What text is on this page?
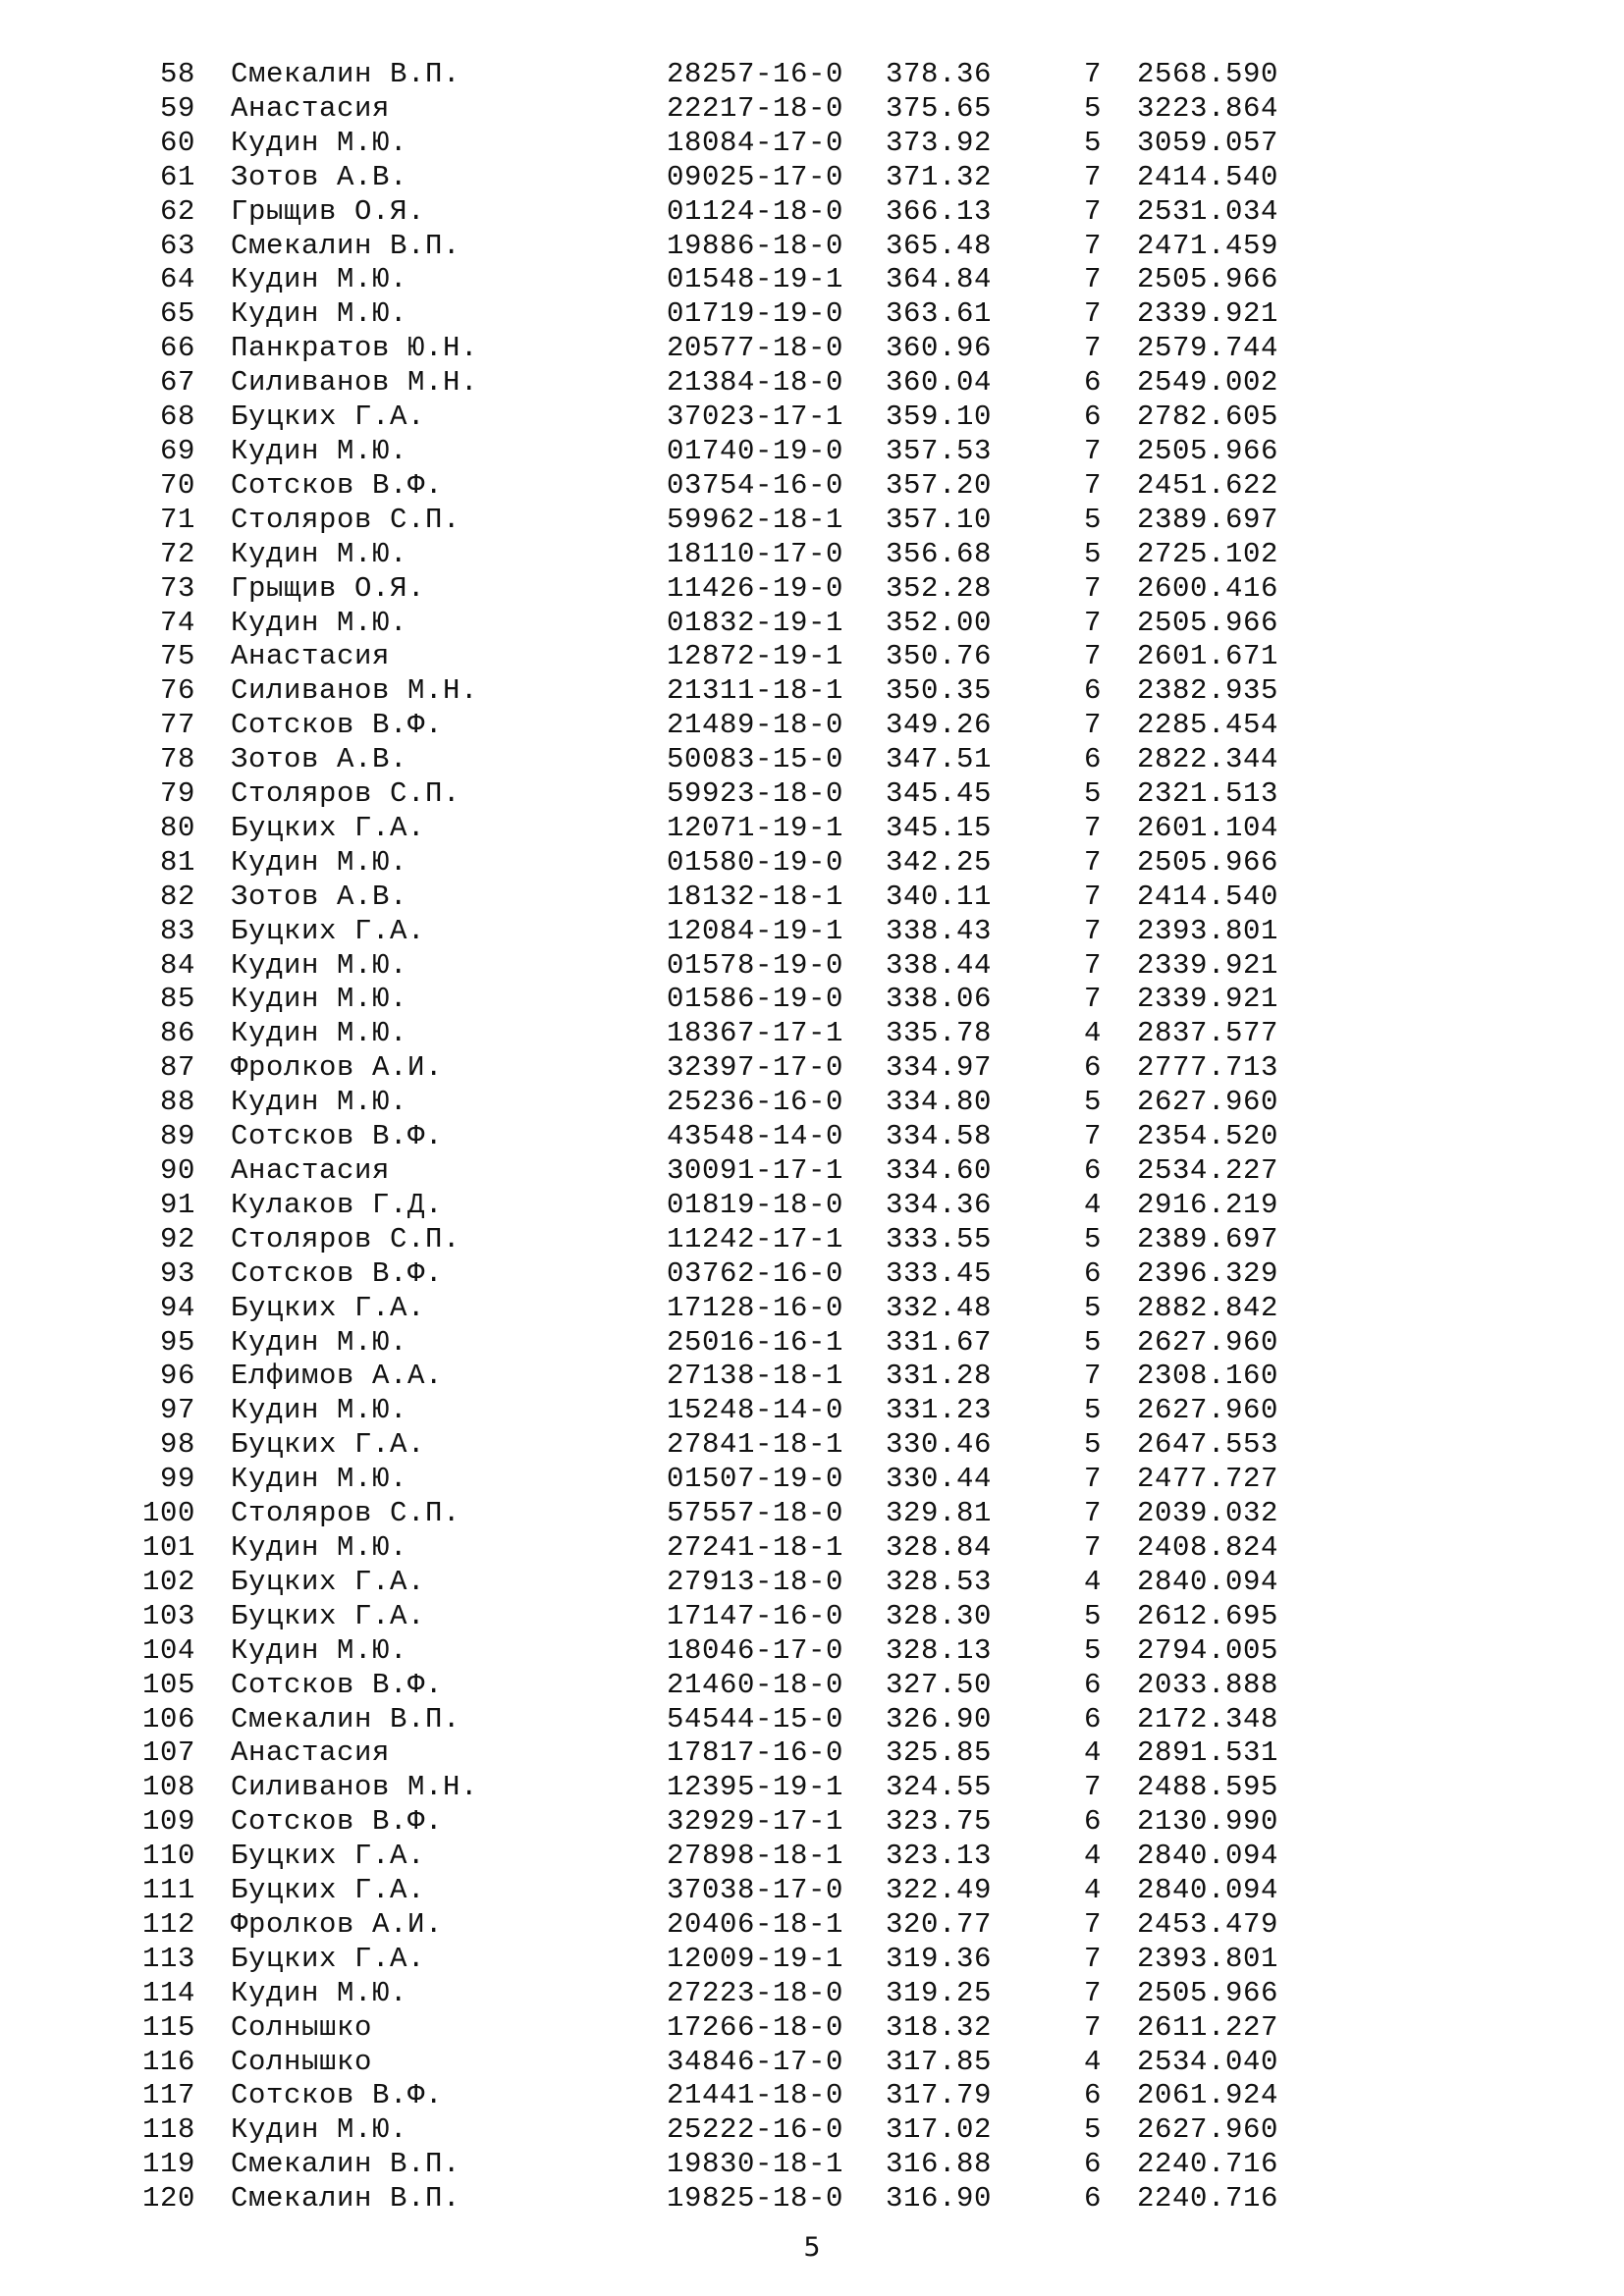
58 Смекалин В.П.	28257-16-0 378.36	7 2568.590
59 Анастасия	22217-18-0 375.65	5 3223.864
60 Кудин М.Ю.	18084-17-0 373.92	5 3059.057
61 Зотов А.В.	09025-17-0 371.32	7 2414.540
62 Грыщив О.Я.	01124-18-0 366.13	7 2531.034
63 Смекалин В.П.	19886-18-0 365.48	7 2471.459
64 Кудин М.Ю.	01548-19-1 364.84	7 2505.966
65 Кудин М.Ю.	01719-19-0 363.61	7 2339.921
66 Панкратов Ю.Н.	20577-18-0 360.96	7 2579.744
67 Силиванов М.Н.	21384-18-0 360.04	6 2549.002
68 Буцких Г.А.	37023-17-1 359.10	6 2782.605
69 Кудин М.Ю.	01740-19-0 357.53	7 2505.966
70 Сотсков В.Ф.	03754-16-0 357.20	7 2451.622
71 Столяров С.П.	59962-18-1 357.10	5 2389.697
72 Кудин М.Ю.	18110-17-0 356.68	5 2725.102
73 Грыщив О.Я.	11426-19-0 352.28	7 2600.416
74 Кудин М.Ю.	01832-19-1 352.00	7 2505.966
75 Анастасия	12872-19-1 350.76	7 2601.671
76 Силиванов М.Н.	21311-18-1 350.35	6 2382.935
77 Сотсков В.Ф.	21489-18-0 349.26	7 2285.454
78 Зотов А.В.	50083-15-0 347.51	6 2822.344
79 Столяров С.П.	59923-18-0 345.45	5 2321.513
80 Буцких Г.А.	12071-19-1 345.15	7 2601.104
81 Кудин М.Ю.	01580-19-0 342.25	7 2505.966
82 Зотов А.В.	18132-18-1 340.11	7 2414.540
83 Буцких Г.А.	12084-19-1 338.43	7 2393.801
84 Кудин М.Ю.	01578-19-0 338.44	7 2339.921
85 Кудин М.Ю.	01586-19-0 338.06	7 2339.921
86 Кудин М.Ю.	18367-17-1 335.78	4 2837.577
87 Фролков А.И.	32397-17-0 334.97	6 2777.713
88 Кудин М.Ю.	25236-16-0 334.80	5 2627.960
89 Сотсков В.Ф.	43548-14-0 334.58	7 2354.520
90 Анастасия	30091-17-1 334.60	6 2534.227
91 Кулаков Г.Д.	01819-18-0 334.36	4 2916.219
92 Столяров С.П.	11242-17-1 333.55	5 2389.697
93 Сотсков В.Ф.	03762-16-0 333.45	6 2396.329
94 Буцких Г.А.	17128-16-0 332.48	5 2882.842
95 Кудин М.Ю.	25016-16-1 331.67	5 2627.960
96 Елфимов А.А.	27138-18-1 331.28	7 2308.160
97 Кудин М.Ю.	15248-14-0 331.23	5 2627.960
98 Буцких Г.А.	27841-18-1 330.46	5 2647.553
99 Кудин М.Ю.	01507-19-0 330.44	7 2477.727
100 Столяров С.П.	57557-18-0 329.81	7 2039.032
101 Кудин М.Ю.	27241-18-1 328.84	7 2408.824
102 Буцких Г.А.	27913-18-0 328.53	4 2840.094
103 Буцких Г.А.	17147-16-0 328.30	5 2612.695
104 Кудин М.Ю.	18046-17-0 328.13	5 2794.005
105 Сотсков В.Ф.	21460-18-0 327.50	6 2033.888
106 Смекалин В.П.	54544-15-0 326.90	6 2172.348
107 Анастасия	17817-16-0 325.85	4 2891.531
108 Силиванов М.Н.	12395-19-1 324.55	7 2488.595
109 Сотсков В.Ф.	32929-17-1 323.75	6 2130.990
110 Буцких Г.А.	27898-18-1 323.13	4 2840.094
111 Буцких Г.А.	37038-17-0 322.49	4 2840.094
112 Фролков А.И.	20406-18-1 320.77	7 2453.479
113 Буцких Г.А.	12009-19-1 319.36	7 2393.801
114 Кудин М.Ю.	27223-18-0 319.25	7 2505.966
115 Солнышко	17266-18-0 318.32	7 2611.227
116 Солнышко	34846-17-0 317.85	4 2534.040
117 Сотсков В.Ф.	21441-18-0 317.79	6 2061.924
118 Кудин М.Ю.	25222-16-0 317.02	5 2627.960
119 Смекалин В.П.	19830-18-1 316.88	6 2240.716
120 Смекалин В.П.	19825-18-0 316.90	6 2240.716
5
